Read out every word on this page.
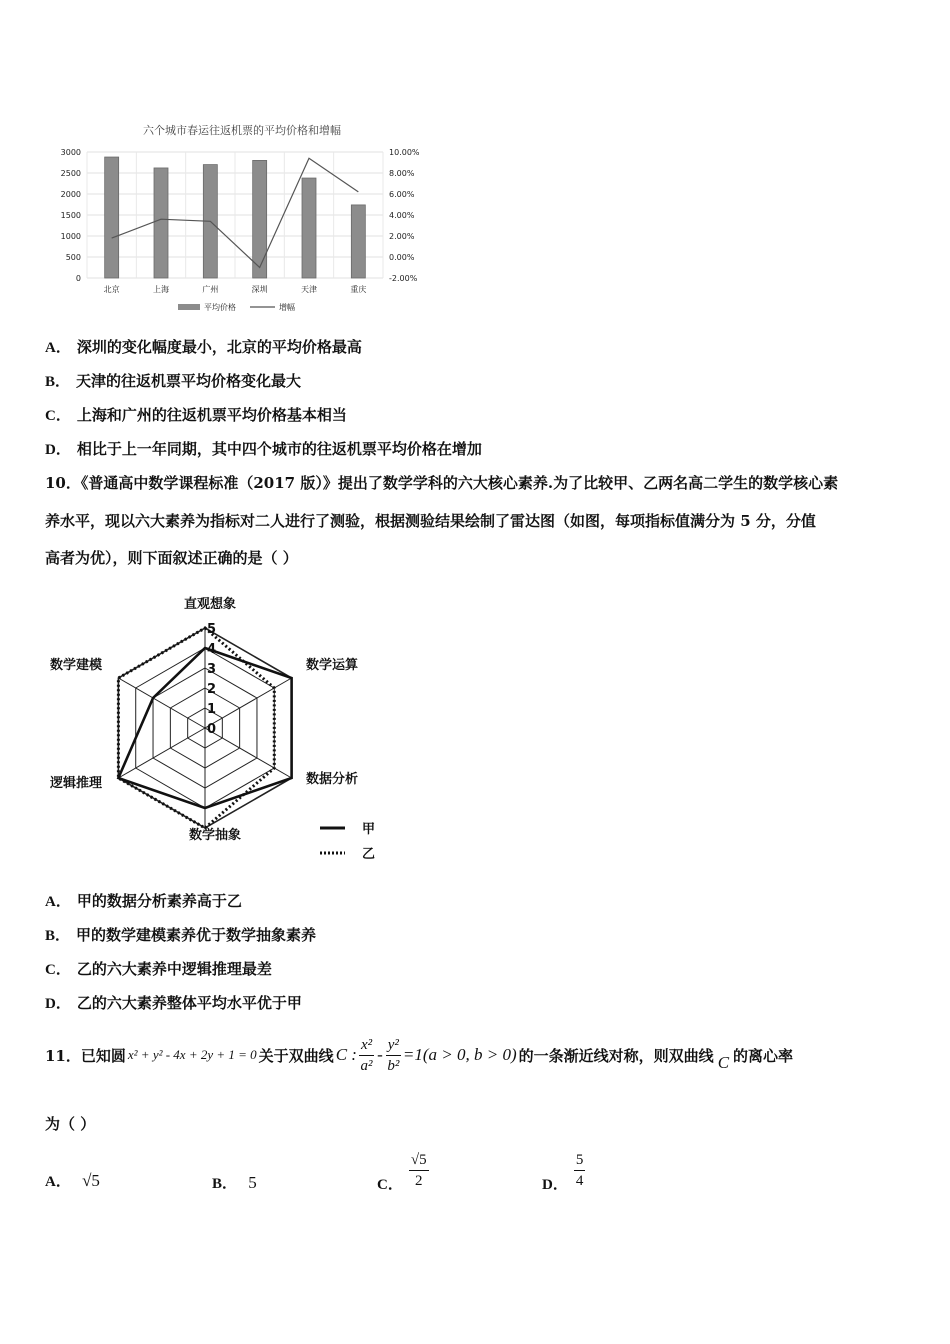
六个城市春运往返机票的平均价格和增幅
3000
2500
2000
1500
1000
500
0
10.00%
8.00%
6.00%
4.00%
2.00%
0.00%
-2.00%
北京	上海	广州	深圳	天津	重庆
平均价格	增幅
A． 深圳的变化幅度最小，北京的平均价格最高
B． 天津的往返机票平均价格变化最大
C． 上海和广州的往返机票平均价格基本相当
D． 相比于上一年同期，其中四个城市的往返机票平均价格在增加
10．《普通高中数学课程标准（2017 版）》提出了数学学科的六大核心素养.为了比较甲、乙两名高二学生的数学核心素
养水平，现以六大素养为指标对二人进行了测验，根据测验结果绘制了雷达图（如图，每项指标值满分为 5 分，分值
高者为优），则下面叙述正确的是（ ）
0
1
2
3
4
5
直观想象
数学运算
数据分析
数学抽象
逻辑推理
数学建模
甲
乙
A． 甲的数据分析素养高于乙
B． 甲的数学建模素养优于数学抽象素养
C． 乙的六大素养中逻辑推理最差
D． 乙的六大素养整体平均水平优于甲
11．已知圆 x² + y² - 4x + 2y + 1 = 0 关于双曲线 C : $\frac{\text{x²}}{\text{a²}} - \frac{\text{y²}}{\text{b²}} =1(a > 0$, b > 0) 的一条渐近线对称，则双曲线 C 的离心率
为（ ）
A． √5	B． 5	C． $\frac{√5}{2}$	D． $\frac{5}{4}$
